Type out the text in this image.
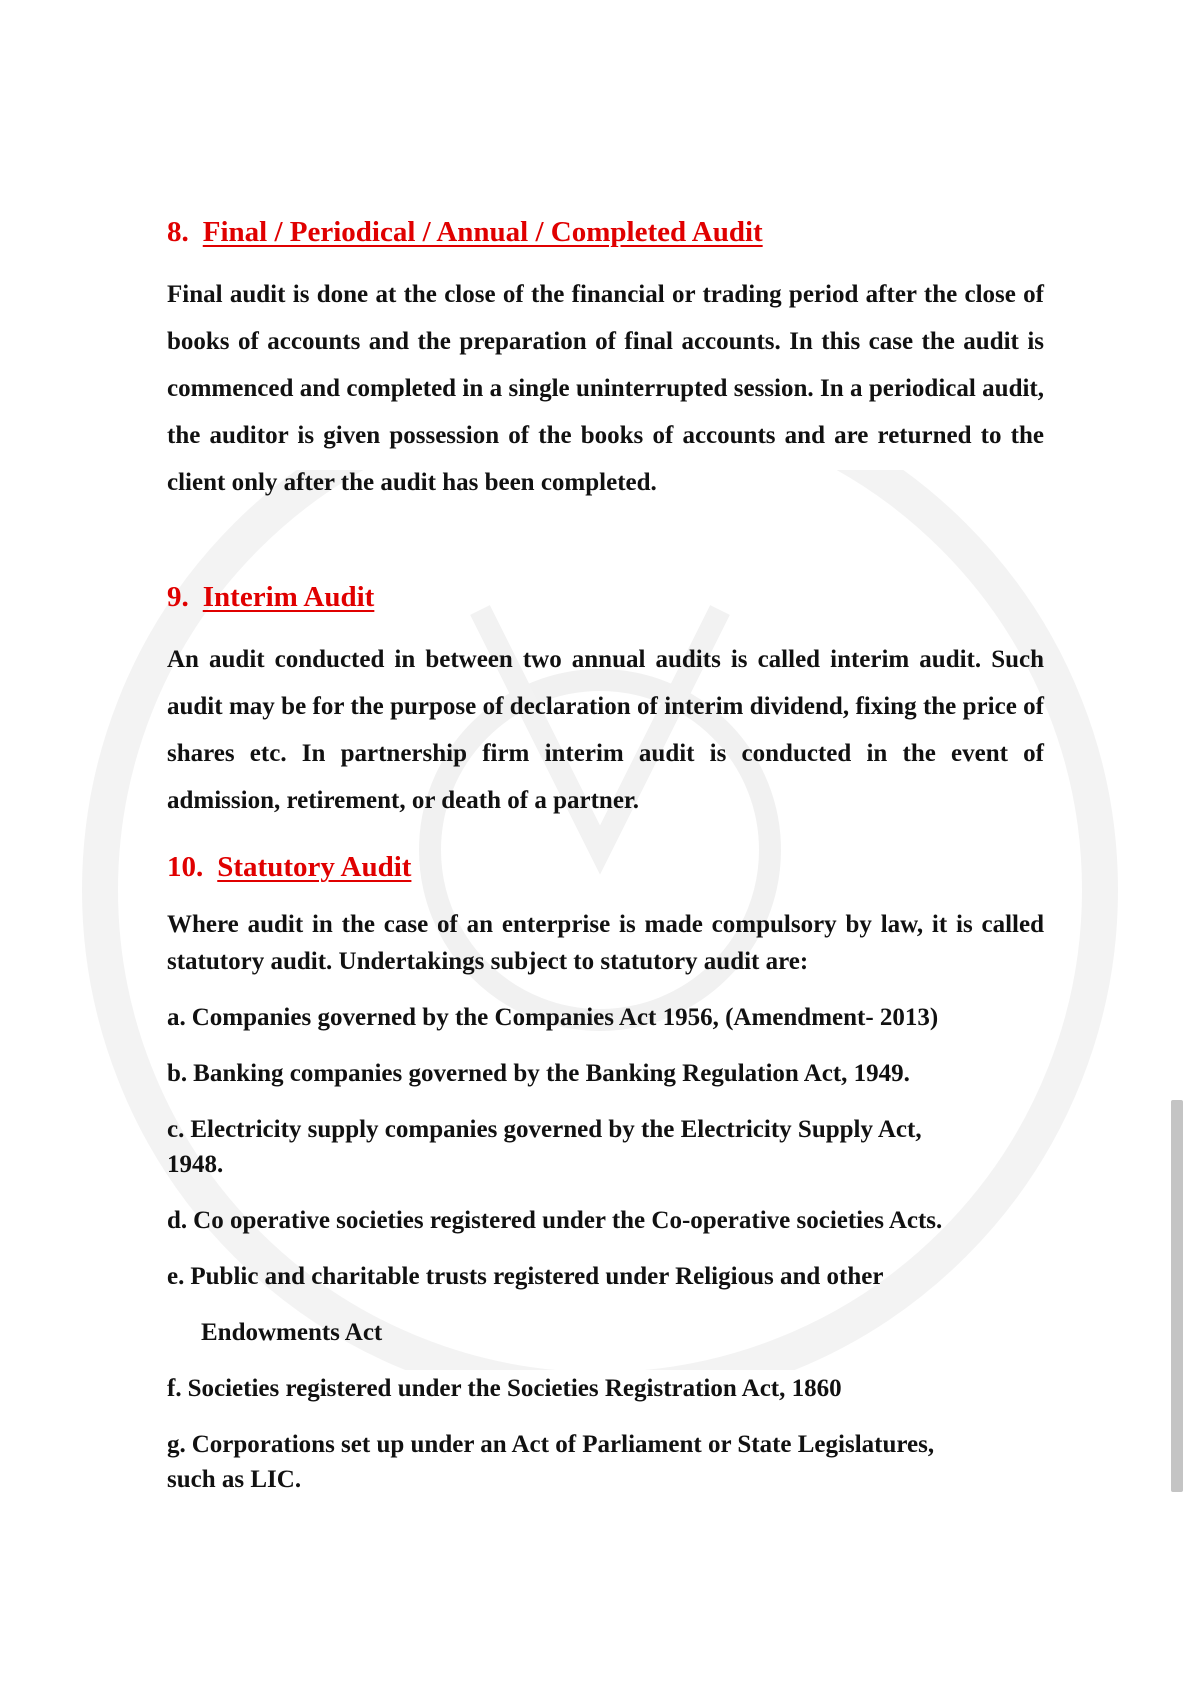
8. Final / Periodical / Annual / Completed Audit

Final audit is done at the close of the financial or trading period after the close of books of accounts and the preparation of final accounts. In this case the audit is commenced and completed in a single uninterrupted session. In a periodical audit, the auditor is given possession of the books of accounts and are returned to the client only after the audit has been completed.

9. Interim Audit

An audit conducted in between two annual audits is called interim audit. Such audit may be for the purpose of declaration of interim dividend, fixing the price of shares etc. In partnership firm interim audit is conducted in the event of admission, retirement, or death of a partner.

10. Statutory Audit

Where audit in the case of an enterprise is made compulsory by law, it is called statutory audit. Undertakings subject to statutory audit are:

a. Companies governed by the Companies Act 1956, (Amendment- 2013)

b. Banking companies governed by the Banking Regulation Act, 1949.

c. Electricity supply companies governed by the Electricity Supply Act,
1948.

d. Co operative societies registered under the Co-operative societies Acts.

e. Public and charitable trusts registered under Religious and other

Endowments Act

f. Societies registered under the Societies Registration Act, 1860

g. Corporations set up under an Act of Parliament or State Legislatures,
such as LIC.
